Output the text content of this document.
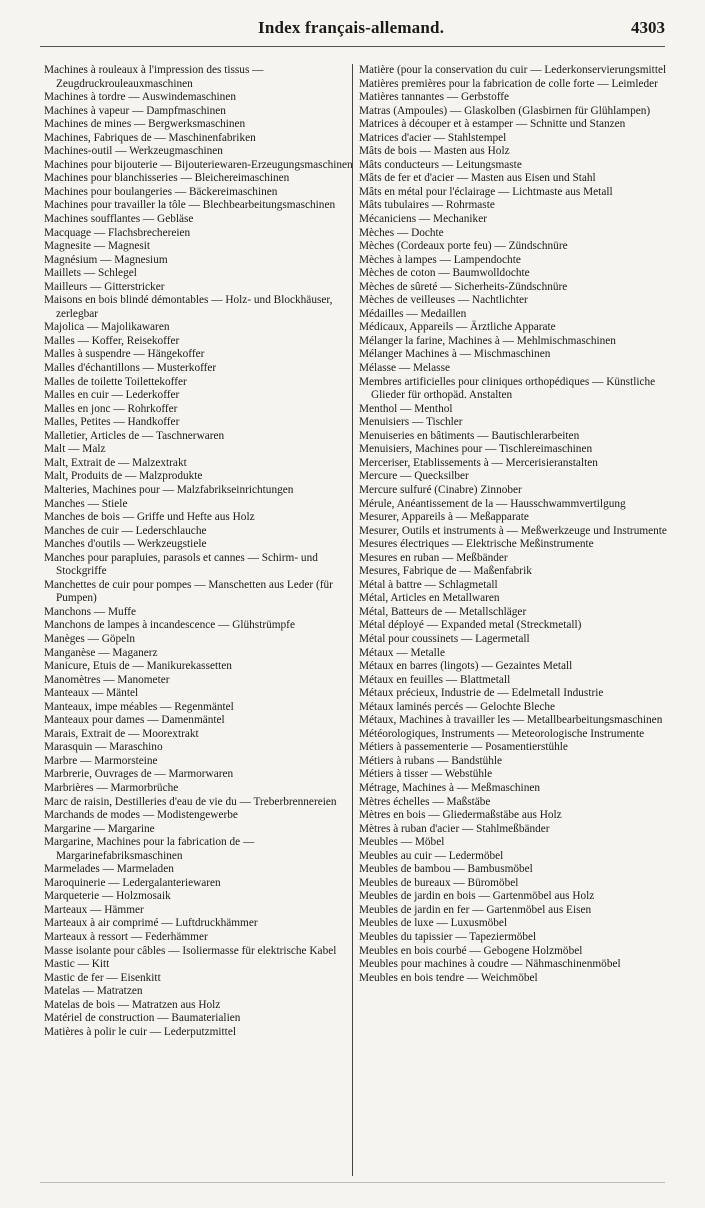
Index français-allemand.	4303
Machines à rouleaux à l'impression des tissus — Zeugdruckrouleauxmaschinen
Machines à tordre — Auswindemaschinen
Machines à vapeur — Dampfmaschinen
Machines de mines — Bergwerksmaschinen
Machines, Fabriques de — Maschinenfabriken
Machines-outil — Werkzeugmaschinen
Machines pour bijouterie — Bijouteriewaren-Erzeugungsmaschinen
Machines pour blanchisseries — Bleichereimaschinen
Machines pour boulangeries — Bäckereimaschinen
Machines pour travailler la tôle — Blechbearbeitungsmaschinen
Machines soufflantes — Gebläse
Macquage — Flachsbrechereien
Magnesite — Magnesit
Magnésium — Magnesium
Maillets — Schlegel
Mailleurs — Gitterstricker
Maisons en bois blindé démontables — Holz- und Blockhäuser, zerlegbar
Majolica — Majolikawaren
Malles — Koffer, Reisekoffer
Malles à suspendre — Hängekoffer
Malles d'échantillons — Musterkoffer
Malles de toilette Toilettekoffer
Malles en cuir — Lederkoffer
Malles en jonc — Rohrkoffer
Malles, Petites — Handkoffer
Malletier, Articles de — Taschnerwaren
Malt — Malz
Malt, Extrait de — Malzextrakt
Malt, Produits de — Malzprodukte
Malteries, Machines pour — Malzfabrikseinrichtungen
Manches — Stiele
Manches de bois — Griffe und Hefte aus Holz
Manches de cuir — Lederschlauche
Manches d'outils — Werkzeugstiele
Manches pour parapluies, parasols et cannes — Schirm- und Stockgriffe
Manchettes de cuir pour pompes — Manschetten aus Leder (für Pumpen)
Manchons — Muffe
Manchons de lampes à incandescence — Glühstrümpfe
Manèges — Göpeln
Manganèse — Maganerz
Manicure, Etuis de — Manikurekassetten
Manomètres — Manometer
Manteaux — Mäntel
Manteaux, impe méables — Regenmäntel
Manteaux pour dames — Damenmäntel
Marais, Extrait de — Moorextrakt
Marasquin — Maraschino
Marbre — Marmorsteine
Marbrerie, Ouvrages de — Marmorwaren
Marbrières — Marmorbrüche
Marc de raisin, Destilleries d'eau de vie du — Treberbrennereien
Marchands de modes — Modistengewerbe
Margarine — Margarine
Margarine, Machines pour la fabrication de — Margarinefabriksmaschinen
Marmelades — Marmeladen
Maroquinerie — Ledergalanteriewaren
Marqueterie — Holzmosaik
Marteaux — Hämmer
Marteaux à air comprimé — Luftdruckhämmer
Marteaux à ressort — Federhämmer
Masse isolante pour câbles — Isoliermasse für elektrische Kabel
Mastic — Kitt
Mastic de fer — Eisenkitt
Matelas — Matratzen
Matelas de bois — Matratzen aus Holz
Matériel de construction — Baumaterialien
Matières à polir le cuir — Lederputzmittel
Matière (pour la conservation du cuir — Lederkonservierungsmittel
Matières premières pour la fabrication de colle forte — Leimleder
Matières tannantes — Gerbstoffe
Matras (Ampoules) — Glaskolben (Glasbirnen für Glühlampen)
Matrices à découper et à estamper — Schnitte und Stanzen
Matrices d'acier — Stahlstempel
Mâts de bois — Masten aus Holz
Mâts conducteurs — Leitungsmaste
Mâts de fer et d'acier — Masten aus Eisen und Stahl
Mâts en métal pour l'éclairage — Lichtmaste aus Metall
Mâts tubulaires — Rohrmaste
Mécaniciens — Mechaniker
Mèches — Dochte
Mèches (Cordeaux porte feu) — Zündschnüre
Mèches à lampes — Lampendochte
Mèches de coton — Baumwolldochte
Mèches de sûreté — Sicherheits-Zündschnüre
Mèches de veilleuses — Nachtlichter
Médailles — Medaillen
Médicaux, Appareils — Ärztliche Apparate
Mélanger la farine, Machines à — Mehlmischmaschinen
Mélanger Machines à — Mischmaschinen
Mélasse — Melasse
Membres artificielles pour cliniques orthopédiques — Künstliche Glieder für orthopäd. Anstalten
Menthol — Menthol
Menuisiers — Tischler
Menuiseries en bâtiments — Bautischlerarbeiten
Menuisiers, Machines pour — Tischlereimaschinen
Merceriser, Etablissements à — Mercerisieranstalten
Mercure — Quecksilber
Mercure sulfuré (Cinabre) Zinnober
Mérule, Anéantissement de la — Hausschwammvertilgung
Mesurer, Appareils à — Meßapparate
Mesurer, Outils et instruments à — Meßwerkzeuge und Instrumente
Mesures électriques — Elektrische Meßinstrumente
Mesures en ruban — Meßbänder
Mesures, Fabrique de — Maßenfabrik
Métal à battre — Schlagmetall
Métal, Articles en Metallwaren
Métal, Batteurs de — Metallschläger
Métal déployé — Expanded metal (Streckmetall)
Métal pour coussinets — Lagermetall
Métaux — Metalle
Métaux en barres (lingots) — Gezaintes Metall
Métaux en feuilles — Blattmetall
Métaux précieux, Industrie de — Edelmetall Industrie
Métaux laminés percés — Gelochte Bleche
Métaux, Machines à travailler les — Metallbearbeitungsmaschinen
Météorologiques, Instruments — Meteorologische Instrumente
Métiers à passementerie — Posamentierstühle
Métiers à rubans — Bandstühle
Métiers à tisser — Webstühle
Métrage, Machines à — Meßmaschinen
Mètres échelles — Maßstäbe
Mètres en bois — Gliedermaßstäbe aus Holz
Mètres à ruban d'acier — Stahlmeßbänder
Meubles — Möbel
Meubles au cuir — Ledermöbel
Meubles de bambou — Bambusmöbel
Meubles de bureaux — Büromöbel
Meubles de jardin en bois — Gartenmöbel aus Holz
Meubles de jardin en fer — Gartenmöbel aus Eisen
Meubles de luxe — Luxusmöbel
Meubles du tapissier — Tapeziermöbel
Meubles en bois courbé — Gebogene Holzmöbel
Meubles pour machines à coudre — Nähmaschinenmöbel
Meubles en bois tendre — Weichmöbel
